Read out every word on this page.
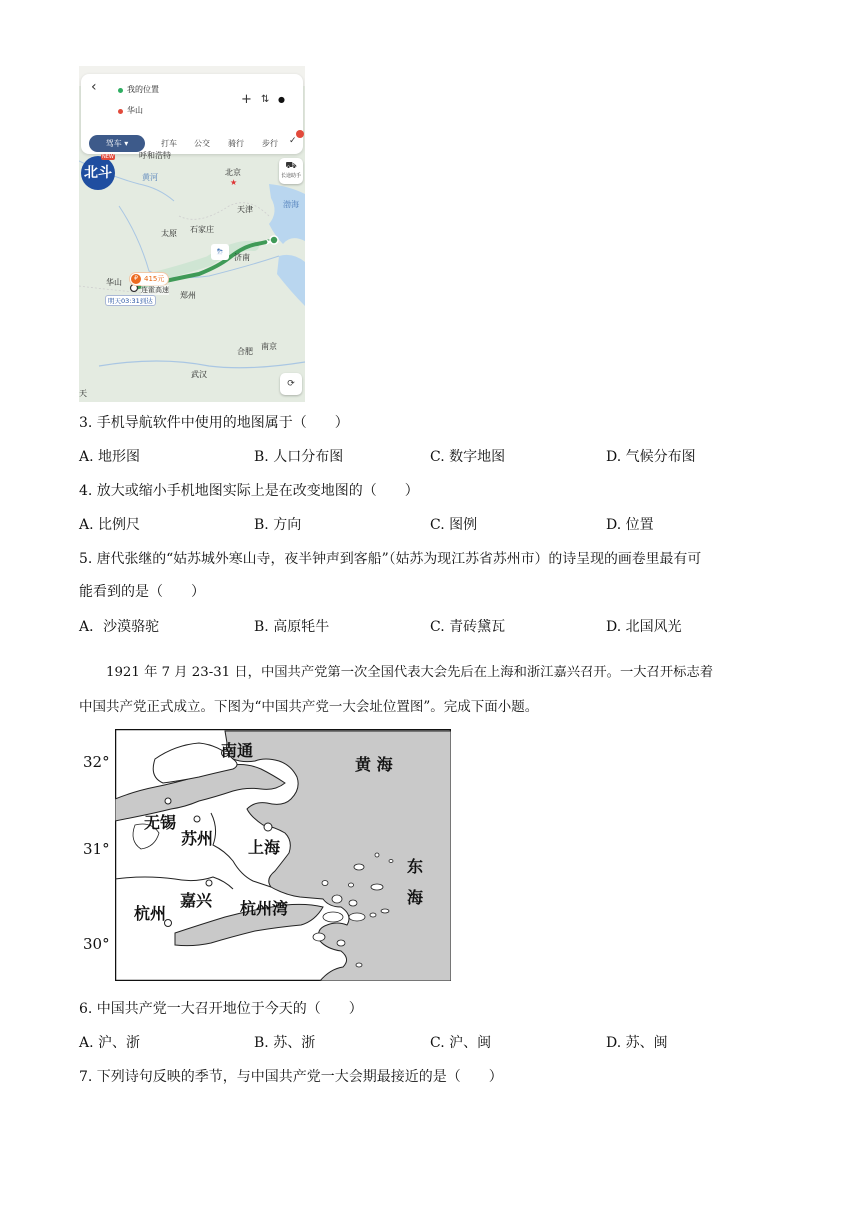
‹	我的位置
华山
+ ⇅ ●
驾车 ▾	打车 公交 骑行 步行 ✓
北斗
NEW
⛟
长途助手
呼和浩特
黄河
北京
★
天津
渤海
太原 石家庄
济南
华山
郑州
合肥
南京
武汉
天
⛈
➤
₽ 415元
连霍高速
明天03:31到达
⟳
3. 手机导航软件中使用的地图属于（　　）
A. 地形图	B. 人口分布图	C. 数字地图	D. 气候分布图
4. 放大或缩小手机地图实际上是在改变地图的（　　）
A. 比例尺	B. 方向	C. 图例	D. 位置
5. 唐代张继的“姑苏城外寒山寺，夜半钟声到客船”（姑苏为现江苏省苏州市）的诗呈现的画卷里最有可
能看到的是（　　）
A．沙漠骆驼	B. 高原牦牛	C. 青砖黛瓦	D. 北国风光
1921 年 7 月 23-31 日，中国共产党第一次全国代表大会先后在上海和浙江嘉兴召开。一大召开标志着
中国共产党正式成立。下图为“中国共产党一大会址位置图”。完成下面小题。
32°
31°
30°
南通
黄 海
无锡
苏州 上海
东
海
嘉兴
杭州	杭州湾
6. 中国共产党一大召开地位于今天的（　　）
A. 沪、浙	B. 苏、浙	C. 沪、闽	D. 苏、闽
7. 下列诗句反映的季节，与中国共产党一大会期最接近的是（　　）
